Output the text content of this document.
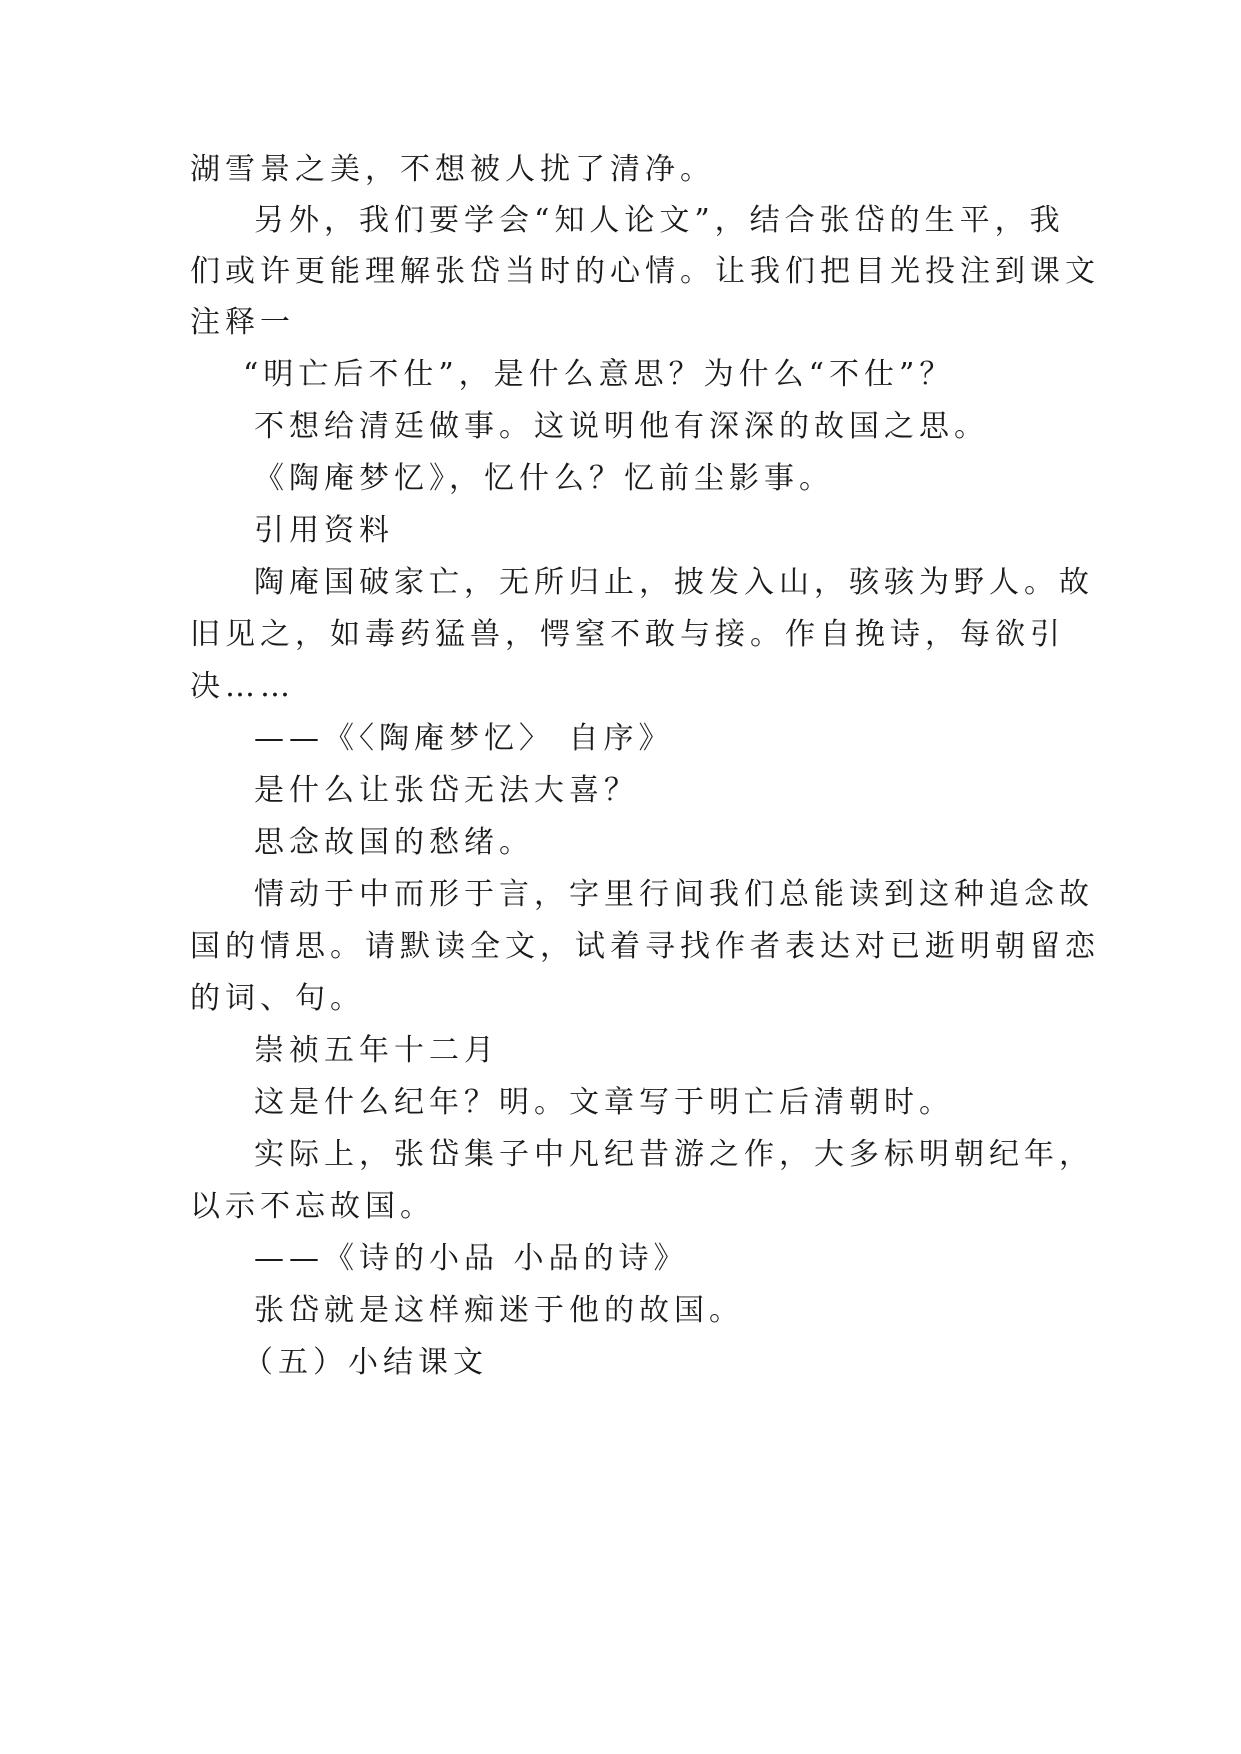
湖雪景之美，不想被人扰了清净。
另外，我们要学会“知人论文”，结合张岱的生平，我
们或许更能理解张岱当时的心情。让我们把目光投注到课文
注释一
“明亡后不仕”，是什么意思？为什么“不仕”？
不想给清廷做事。这说明他有深深的故国之思。
《陶庵梦忆》，忆什么？忆前尘影事。
引用资料
陶庵国破家亡，无所归止，披发入山，骇骇为野人。故
旧见之，如毒药猛兽，愕窒不敢与接。作自挽诗，每欲引
决……
——《〈陶庵梦忆〉 自序》
是什么让张岱无法大喜？
思念故国的愁绪。
情动于中而形于言，字里行间我们总能读到这种追念故
国的情思。请默读全文，试着寻找作者表达对已逝明朝留恋
的词、句。
崇祯五年十二月
这是什么纪年？明。文章写于明亡后清朝时。
实际上，张岱集子中凡纪昔游之作，大多标明朝纪年，
以示不忘故国。
——《诗的小品 小品的诗》
张岱就是这样痴迷于他的故国。
（五）小结课文
